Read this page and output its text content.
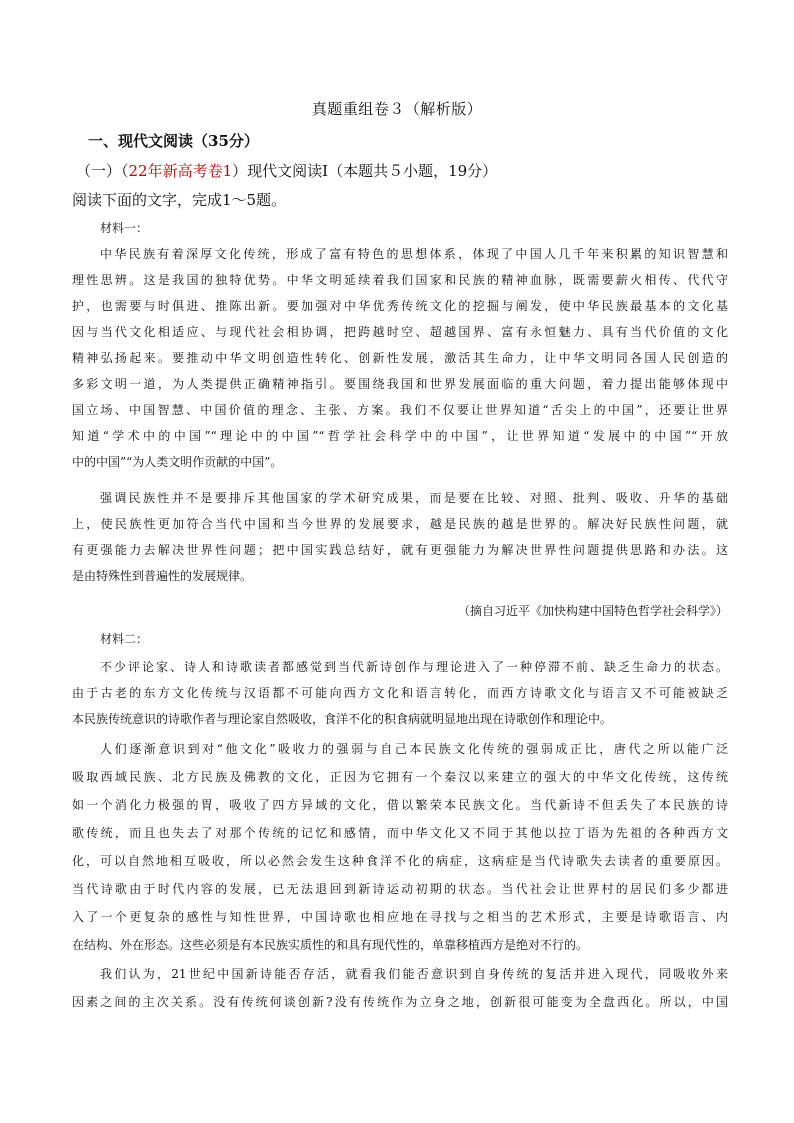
真题重组卷３（解析版）
一、现代文阅读（35分）
（一）（22年新高考卷1）现代文阅读Ⅰ（本题共５小题，19分）
阅读下面的文字，完成1～5题。
材料一：
中华民族有着深厚文化传统，形成了富有特色的思想体系，体现了中国人几千年来积累的知识智慧和
理性思辨。这是我国的独特优势。中华文明延续着我们国家和民族的精神血脉，既需要薪火相传、代代守
护，也需要与时俱进、推陈出新。要加强对中华优秀传统文化的挖掘与阐发，使中华民族最基本的文化基
因与当代文化相适应、与现代社会相协调，把跨越时空、超越国界、富有永恒魅力、具有当代价值的文化
精神弘扬起来。要推动中华文明创造性转化、创新性发展，激活其生命力，让中华文明同各国人民创造的
多彩文明一道，为人类提供正确精神指引。要围绕我国和世界发展面临的重大问题，着力提出能够体现中
国立场、中国智慧、中国价值的理念、主张、方案。我们不仅要让世界知道“舌尖上的中国”，还要让世界
知道“学术中的中国”“理论中的中国”“哲学社会科学中的中国”，让世界知道“发展中的中国”“开放
中的中国”“为人类文明作贡献的中国”。
强调民族性并不是要排斥其他国家的学术研究成果，而是要在比较、对照、批判、吸收、升华的基础
上，使民族性更加符合当代中国和当今世界的发展要求，越是民族的越是世界的。解决好民族性问题，就
有更强能力去解决世界性问题；把中国实践总结好，就有更强能力为解决世界性问题提供思路和办法。这
是由特殊性到普遍性的发展规律。
（摘自习近平《加快构建中国特色哲学社会科学》）
材料二：
不少评论家、诗人和诗歌读者都感觉到当代新诗创作与理论进入了一种停滞不前、缺乏生命力的状态。
由于古老的东方文化传统与汉语都不可能向西方文化和语言转化，而西方诗歌文化与语言又不可能被缺乏
本民族传统意识的诗歌作者与理论家自然吸收，食洋不化的积食病就明显地出现在诗歌创作和理论中。
人们逐渐意识到对“他文化”吸收力的强弱与自己本民族文化传统的强弱成正比，唐代之所以能广泛
吸取西域民族、北方民族及佛教的文化，正因为它拥有一个秦汉以来建立的强大的中华文化传统，这传统
如一个消化力极强的胃，吸收了四方异域的文化，借以繁荣本民族文化。当代新诗不但丢失了本民族的诗
歌传统，而且也失去了对那个传统的记忆和感情，而中华文化又不同于其他以拉丁语为先祖的各种西方文
化，可以自然地相互吸收，所以必然会发生这种食洋不化的病症，这病症是当代诗歌失去读者的重要原因。
当代诗歌由于时代内容的发展，已无法退回到新诗运动初期的状态。当代社会让世界村的居民们多少都进
入了一个更复杂的感性与知性世界，中国诗歌也相应地在寻找与之相当的艺术形式，主要是诗歌语言、内
在结构、外在形态。这些必须是有本民族实质性的和具有现代性的，单靠移植西方是绝对不行的。
我们认为，21世纪中国新诗能否存活，就看我们能否意识到自身传统的复活并进入现代，同吸收外来
因素之间的主次关系。没有传统何谈创新?没有传统作为立身之地，创新很可能变为全盘西化。所以，中国
